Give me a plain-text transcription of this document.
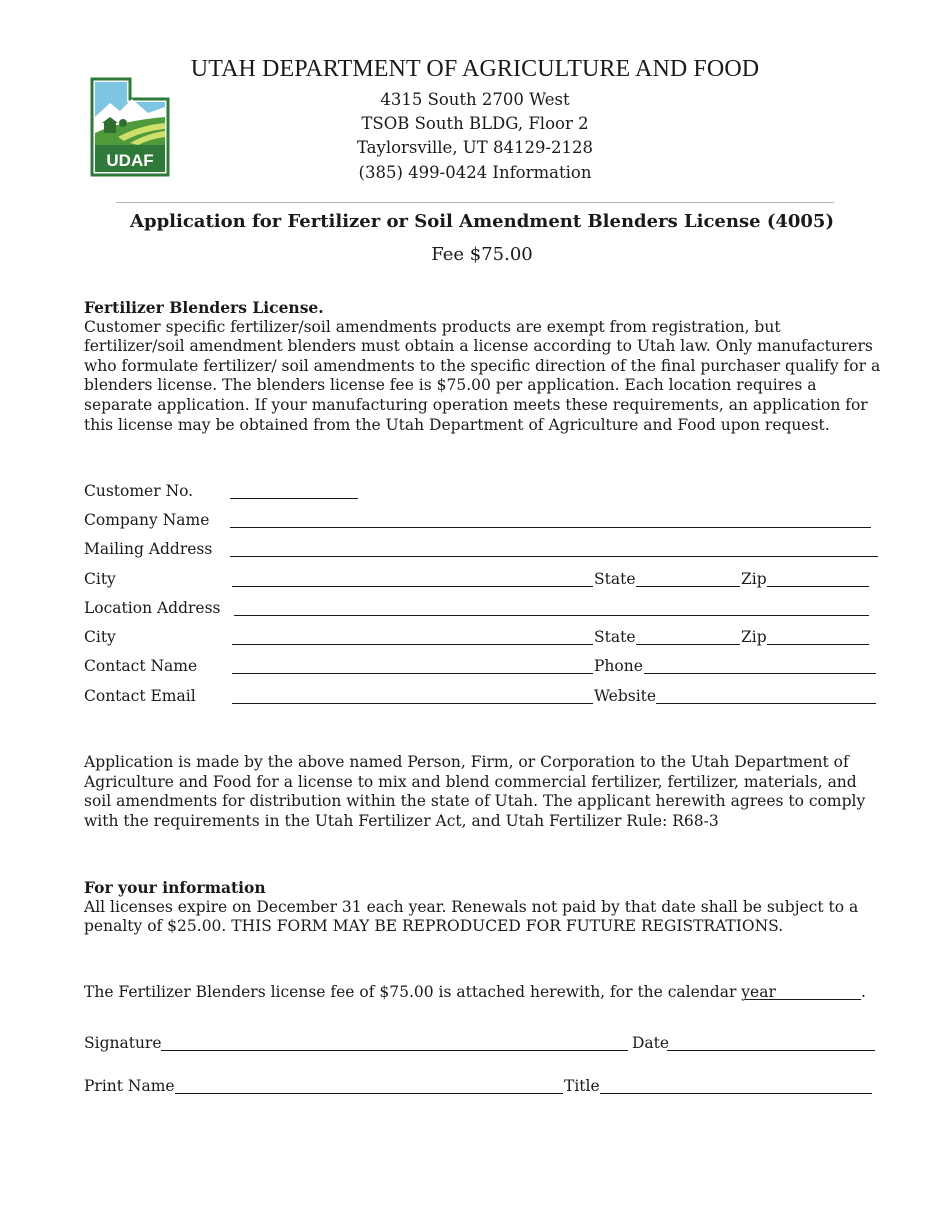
UDAF
UTAH DEPARTMENT OF AGRICULTURE AND FOOD
4315 South 2700 West
TSOB South BLDG, Floor 2
Taylorsville, UT 84129-2128
(385) 499-0424 Information
Application for Fertilizer or Soil Amendment Blenders License (4005)
Fee $75.00
Fertilizer Blenders License.
Customer specific fertilizer/soil amendments products are exempt from registration, but fertilizer/soil amendment blenders must obtain a license according to Utah law. Only manufacturers who formulate fertilizer/ soil amendments to the specific direction of the final purchaser qualify for a blenders license. The blenders license fee is $75.00 per application. Each location requires a separate application. If your manufacturing operation meets these requirements, an application for this license may be obtained from the Utah Department of Agriculture and Food upon request.
Customer No.
Company Name
Mailing Address
City	State	Zip
Location Address
City	State	Zip
Contact Name	Phone
Contact Email	Website
Application is made by the above named Person, Firm, or Corporation to the Utah Department of Agriculture and Food for a license to mix and blend commercial fertilizer, fertilizer, materials, and soil amendments for distribution within the state of Utah. The applicant herewith agrees to comply with the requirements in the Utah Fertilizer Act, and Utah Fertilizer Rule: R68-3
For your information
All licenses expire on December 31 each year. Renewals not paid by that date shall be subject to a penalty of $25.00. THIS FORM MAY BE REPRODUCED FOR FUTURE REGISTRATIONS.
The Fertilizer Blenders license fee of $75.00 is attached herewith, for the calendar year	.
Signature	Date
Print Name	Title
